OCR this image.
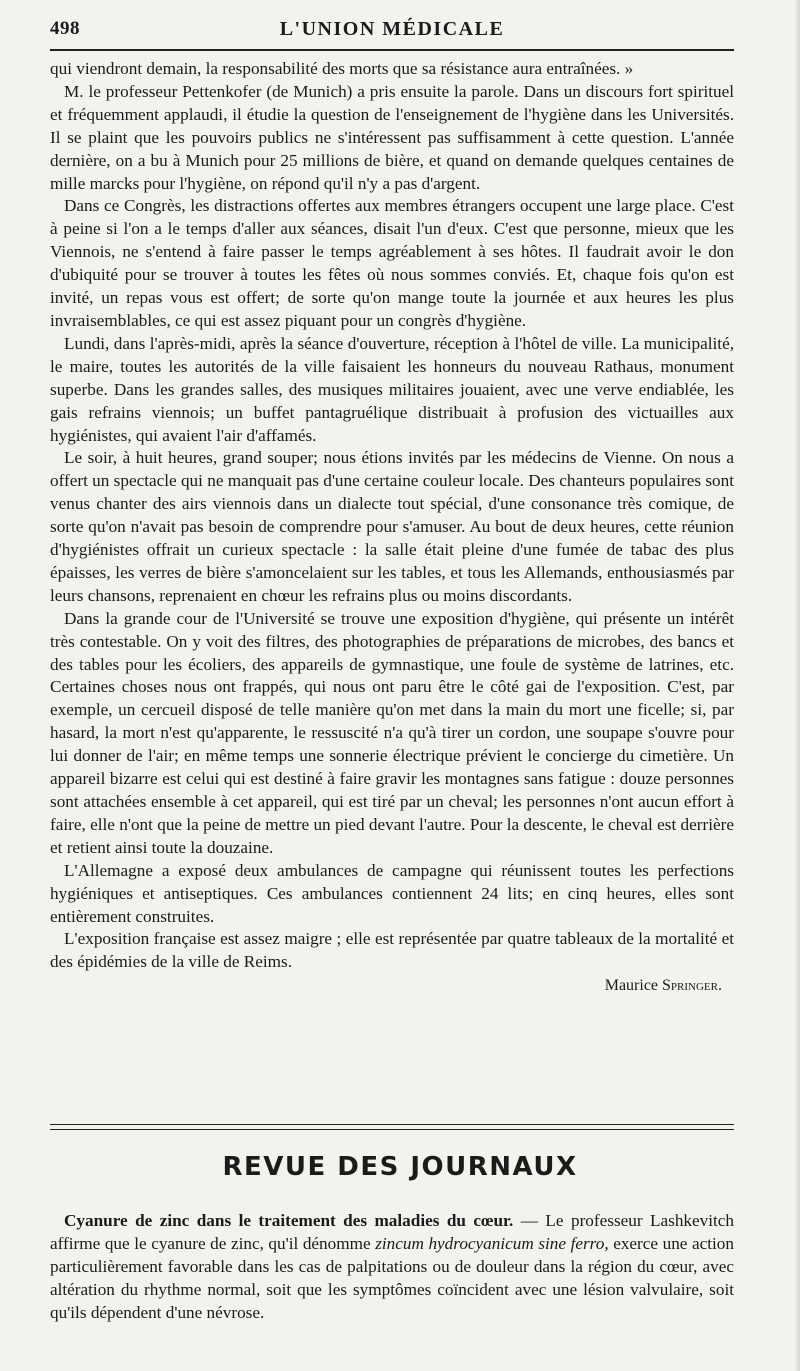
498	L'UNION MÉDICALE

qui viendront demain, la responsabilité des morts que sa résistance aura entraînées. »

M. le professeur Pettenkofer (de Munich) a pris ensuite la parole. Dans un discours fort spirituel et fréquemment applaudi, il étudie la question de l'enseignement de l'hygiène dans les Universités. Il se plaint que les pouvoirs publics ne s'intéressent pas suffisamment à cette question. L'année dernière, on a bu à Munich pour 25 millions de bière, et quand on demande quelques centaines de mille marcks pour l'hygiène, on répond qu'il n'y a pas d'argent.

Dans ce Congrès, les distractions offertes aux membres étrangers occupent une large place. C'est à peine si l'on a le temps d'aller aux séances, disait l'un d'eux. C'est que personne, mieux que les Viennois, ne s'entend à faire passer le temps agréablement à ses hôtes. Il faudrait avoir le don d'ubiquité pour se trouver à toutes les fêtes où nous sommes conviés. Et, chaque fois qu'on est invité, un repas vous est offert; de sorte qu'on mange toute la journée et aux heures les plus invraisemblables, ce qui est assez piquant pour un congrès d'hygiène.

Lundi, dans l'après-midi, après la séance d'ouverture, réception à l'hôtel de ville. La municipalité, le maire, toutes les autorités de la ville faisaient les honneurs du nouveau Rathaus, monument superbe. Dans les grandes salles, des musiques militaires jouaient, avec une verve endiablée, les gais refrains viennois; un buffet pantagruélique distribuait à profusion des victuailles aux hygiénistes, qui avaient l'air d'affamés.

Le soir, à huit heures, grand souper; nous étions invités par les médecins de Vienne. On nous a offert un spectacle qui ne manquait pas d'une certaine couleur locale. Des chanteurs populaires sont venus chanter des airs viennois dans un dialecte tout spécial, d'une consonance très comique, de sorte qu'on n'avait pas besoin de comprendre pour s'amuser. Au bout de deux heures, cette réunion d'hygiénistes offrait un curieux spectacle : la salle était pleine d'une fumée de tabac des plus épaisses, les verres de bière s'amoncelaient sur les tables, et tous les Allemands, enthousiasmés par leurs chansons, reprenaient en chœur les refrains plus ou moins discordants.

Dans la grande cour de l'Université se trouve une exposition d'hygiène, qui présente un intérêt très contestable. On y voit des filtres, des photographies de préparations de microbes, des bancs et des tables pour les écoliers, des appareils de gymnastique, une foule de système de latrines, etc. Certaines choses nous ont frappés, qui nous ont paru être le côté gai de l'exposition. C'est, par exemple, un cercueil disposé de telle manière qu'on met dans la main du mort une ficelle; si, par hasard, la mort n'est qu'apparente, le ressuscité n'a qu'à tirer un cordon, une soupape s'ouvre pour lui donner de l'air; en même temps une sonnerie électrique prévient le concierge du cimetière. Un appareil bizarre est celui qui est destiné à faire gravir les montagnes sans fatigue : douze personnes sont attachées ensemble à cet appareil, qui est tiré par un cheval; les personnes n'ont aucun effort à faire, elle n'ont que la peine de mettre un pied devant l'autre. Pour la descente, le cheval est derrière et retient ainsi toute la douzaine.

L'Allemagne a exposé deux ambulances de campagne qui réunissent toutes les perfections hygiéniques et antiseptiques. Ces ambulances contiennent 24 lits; en cinq heures, elles sont entièrement construites.

L'exposition française est assez maigre ; elle est représentée par quatre tableaux de la mortalité et des épidémies de la ville de Reims.

Maurice Springer.
REVUE DES JOURNAUX

Cyanure de zinc dans le traitement des maladies du cœur. — Le professeur Lashkevitch affirme que le cyanure de zinc, qu'il dénomme zincum hydrocyanicum sine ferro, exerce une action particulièrement favorable dans les cas de palpitations ou de douleur dans la région du cœur, avec altération du rhythme normal, soit que les symptômes coïncident avec une lésion valvulaire, soit qu'ils dépendent d'une névrose.
